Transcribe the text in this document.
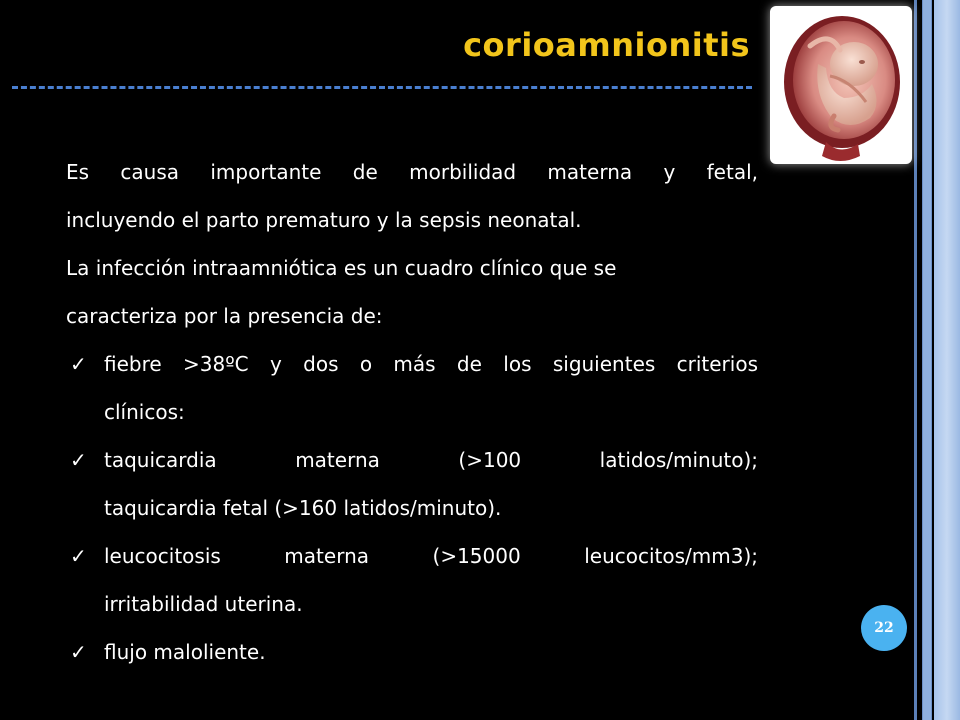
corioamnionitis

Es causa importante de morbilidad materna y fetal,
incluyendo el parto prematuro y la sepsis neonatal.

La infección intraamniótica es un cuadro clínico que se
caracteriza por la presencia de:

✓ fiebre >38ºC y dos o más de los siguientes criterios
clínicos:
✓ taquicardia materna (>100 latidos/minuto);
taquicardia fetal (>160 latidos/minuto).
✓ leucocitosis materna (>15000 leucocitos/mm3);
irritabilidad uterina.
✓ flujo maloliente.
22
